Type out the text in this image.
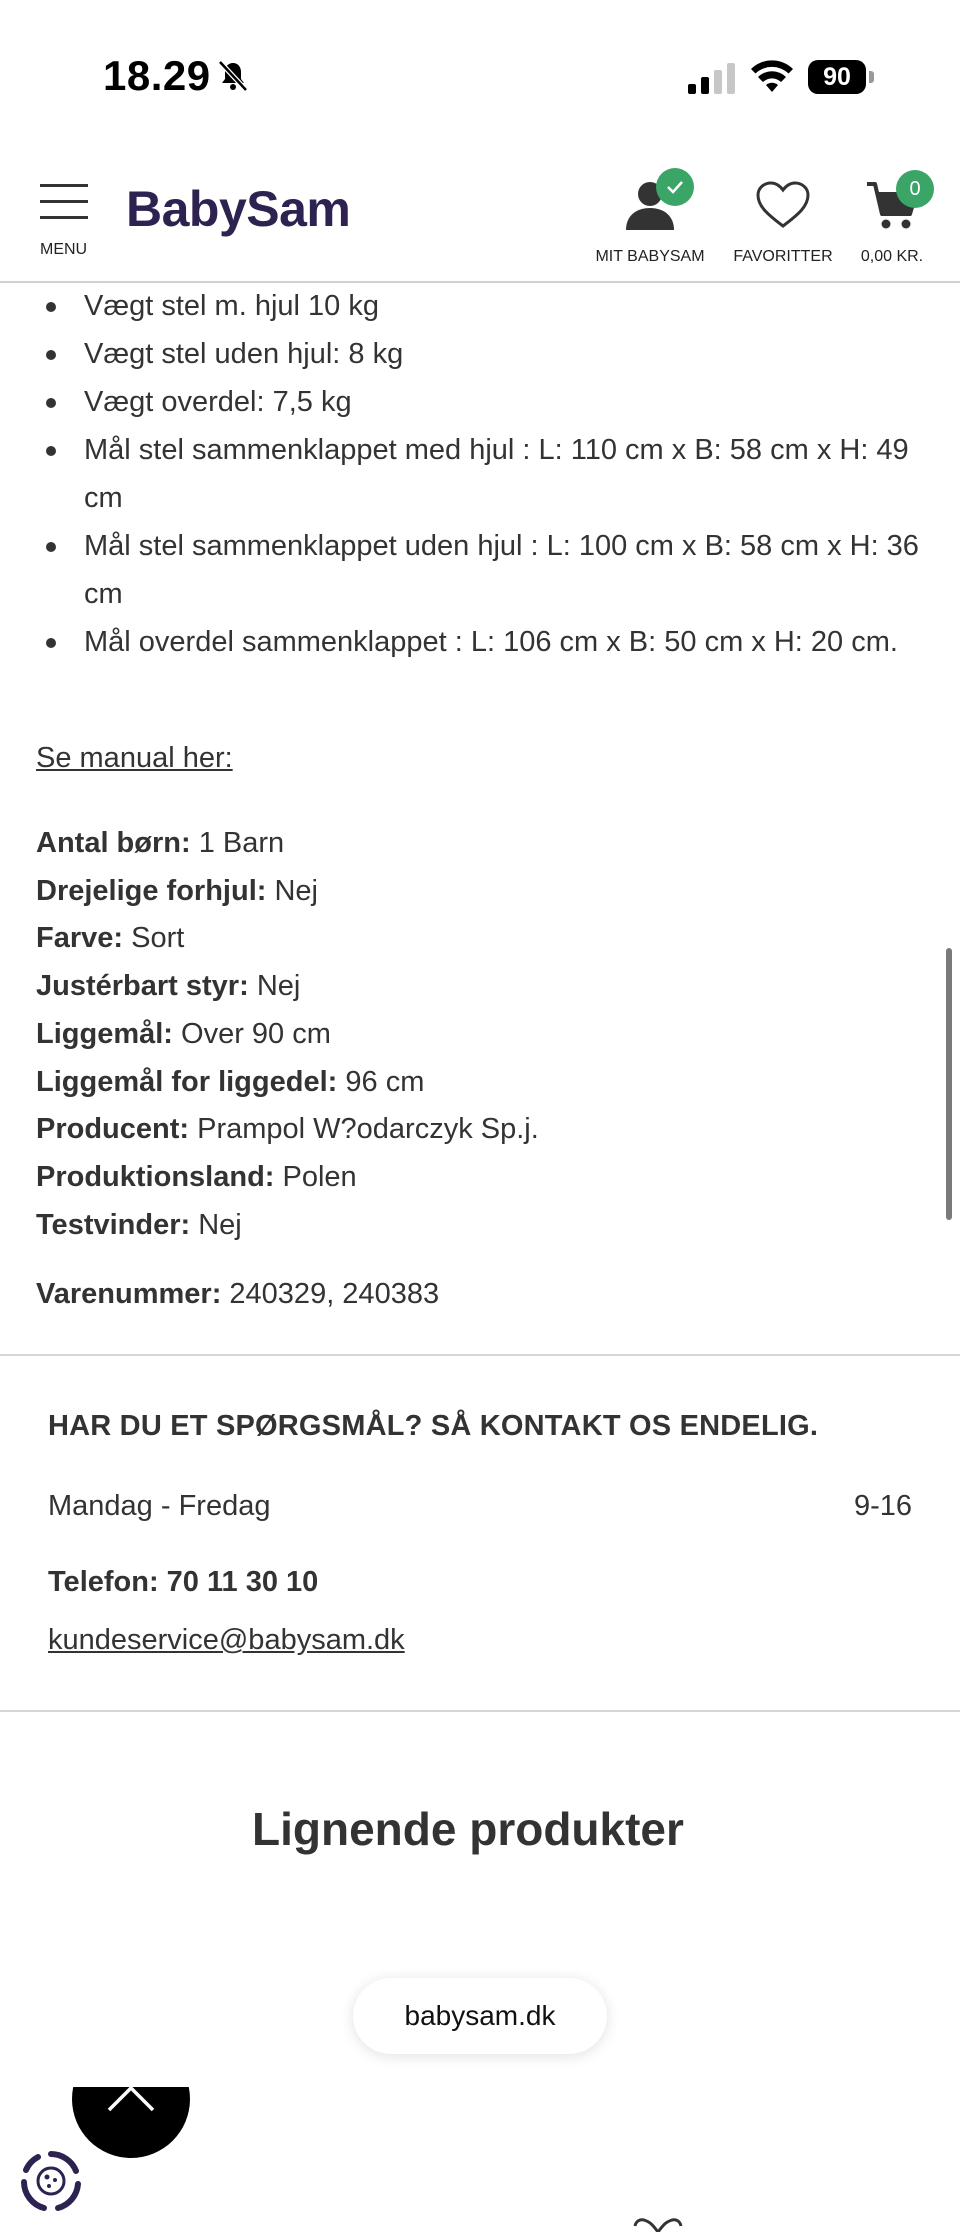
18.29	90
MENU
BabySam
MIT BABYSAM	FAVORITTER
0
0,00 KR.
Vægt stel m. hjul 10 kg
Vægt stel uden hjul: 8 kg
Vægt overdel: 7,5 kg
Mål stel sammenklappet med hjul : L: 110 cm x B: 58 cm x H: 49 cm
Mål stel sammenklappet uden hjul : L: 100 cm x B: 58 cm x H: 36 cm
Mål overdel sammenklappet : L: 106 cm x B: 50 cm x H: 20 cm.
Se manual her:
Antal børn: 1 Barn
Drejelige forhjul: Nej
Farve: Sort
Justérbart styr: Nej
Liggemål: Over 90 cm
Liggemål for liggedel: 96 cm
Producent: Prampol W?odarczyk Sp.j.
Produktionsland: Polen
Testvinder: Nej
Varenummer: 240329, 240383
HAR DU ET SPØRGSMÅL? SÅ KONTAKT OS ENDELIG.
Mandag - Fredag	9-16
Telefon: 70 11 30 10
kundeservice@babysam.dk
Lignende produkter
babysam.dk
